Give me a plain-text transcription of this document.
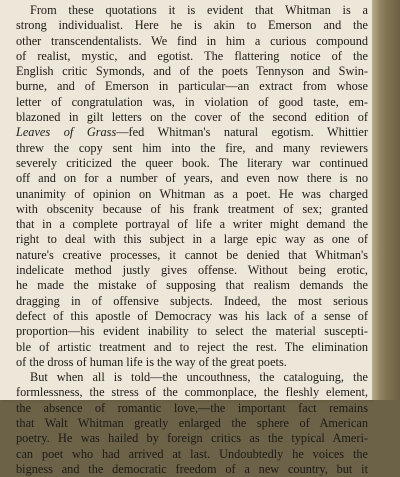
From these quotations it is evident that Whitman is a
strong individualist. Here he is akin to Emerson and the
other transcendentalists. We find in him a curious compound
of realist, mystic, and egotist. The flattering notice of the
English critic Symonds, and of the poets Tennyson and Swin-
burne, and of Emerson in particular—an extract from whose
letter of congratulation was, in violation of good taste, em-
blazoned in gilt letters on the cover of the second edition of
Leaves of Grass—fed Whitman's natural egotism. Whittier
threw the copy sent him into the fire, and many reviewers
severely criticized the queer book. The literary war continued
off and on for a number of years, and even now there is no
unanimity of opinion on Whitman as a poet. He was charged
with obscenity because of his frank treatment of sex; granted
that in a complete portrayal of life a writer might demand the
right to deal with this subject in a large epic way as one of
nature's creative processes, it cannot be denied that Whitman's
indelicate method justly gives offense. Without being erotic,
he made the mistake of supposing that realism demands the
dragging in of offensive subjects. Indeed, the most serious
defect of this apostle of Democracy was his lack of a sense of
proportion—his evident inability to select the material suscepti-
ble of artistic treatment and to reject the rest. The elimination
of the dross of human life is the way of the great poets.
But when all is told—the uncouthness, the cataloguing, the
formlessness, the stress of the commonplace, the fleshly element,
the absence of romantic love,—the important fact remains
that Walt Whitman greatly enlarged the sphere of American
poetry. He was hailed by foreign critics as the typical Ameri-
can poet who had arrived at last. Undoubtedly he voices the
bigness and the democratic freedom of a new country, but it
